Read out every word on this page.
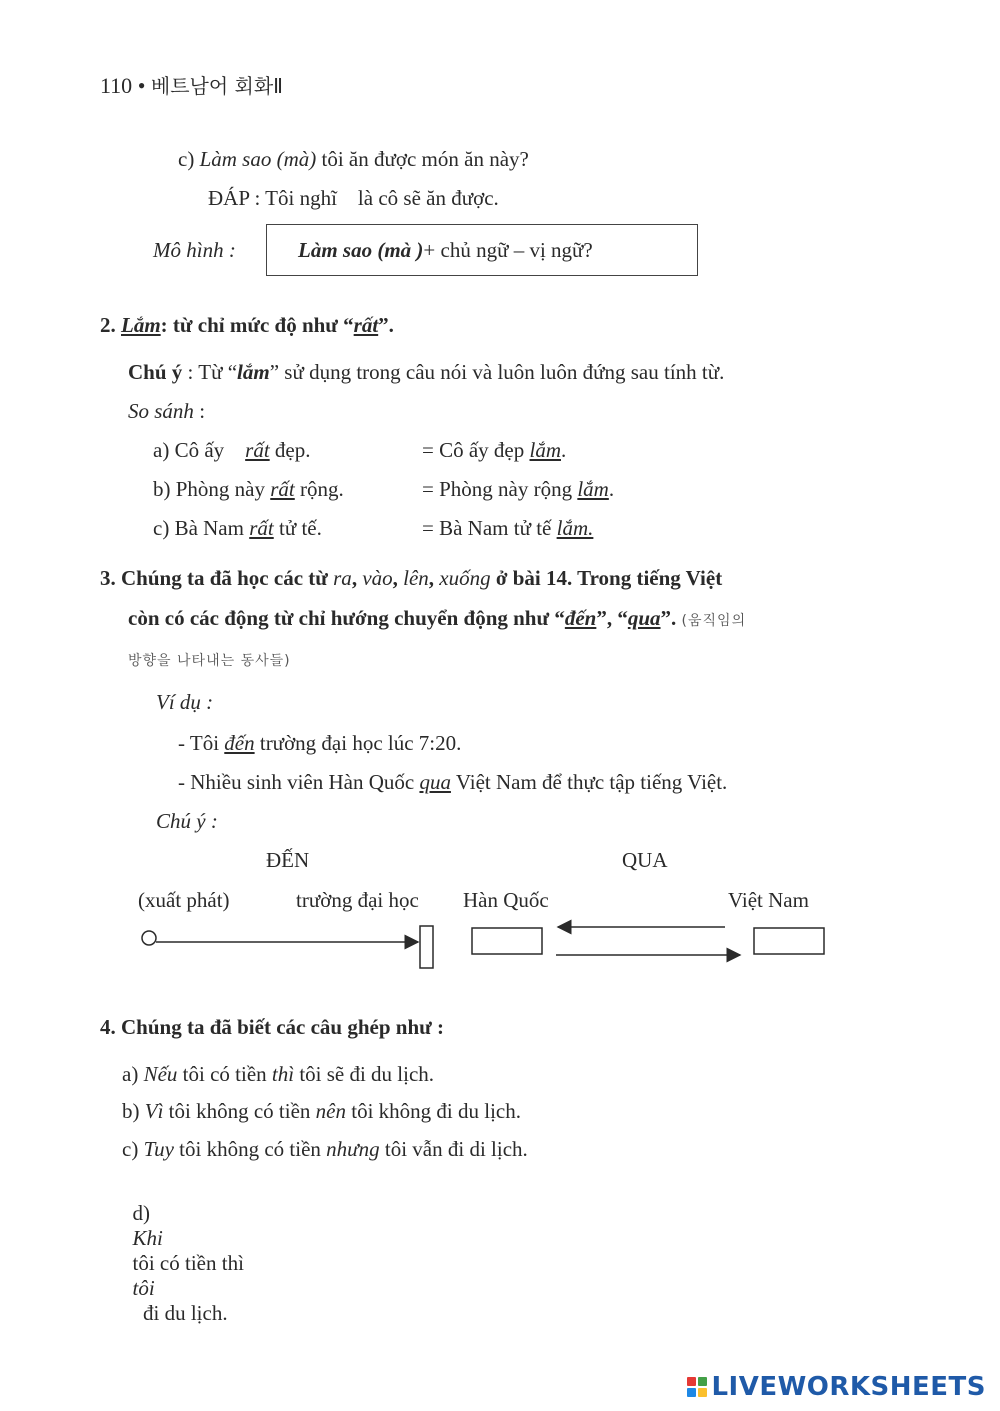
110 • 베트남어 회화Ⅱ
c) Làm sao (mà) tôi ăn được món ăn này?
ĐÁP : Tôi nghĩ    là cô sẽ ăn được.
Mô hình :	Làm sao (mà )+ chủ ngữ – vị ngữ?
2. Lắm: từ chỉ mức độ như “rất”.
Chú ý : Từ “lắm” sử dụng trong câu nói và luôn luôn đứng sau tính từ.
So sánh :
a) Cô ấy rất đẹp.	= Cô ấy đẹp lắm.
b) Phòng này rất rộng.	= Phòng này rộng lắm.
c) Bà Nam rất tử tế.	= Bà Nam tử tế lắm.
3. Chúng ta đã học các từ ra, vào, lên, xuống ở bài 14. Trong tiếng Việt
còn có các động từ chỉ hướng chuyển động như “đến”, “qua”. (움직임의
방향을 나타내는 동사들)
Ví dụ :
- Tôi đến trường đại học lúc 7:20.
- Nhiều sinh viên Hàn Quốc qua Việt Nam để thực tập tiếng Việt.
Chú ý :
ĐẾN	QUA
(xuất phát)	trường đại học Hàn Quốc	Việt Nam
4. Chúng ta đã biết các câu ghép như :
a) Nếu tôi có tiền thì tôi sẽ đi du lịch.
b) Vì tôi không có tiền nên tôi không đi du lịch.
c) Tuy tôi không có tiền nhưng tôi vẫn đi di lịch.

d)
Khi
tôi có tiền thì
tôi
đi du lịch.

LIVEWORKSHEETS
